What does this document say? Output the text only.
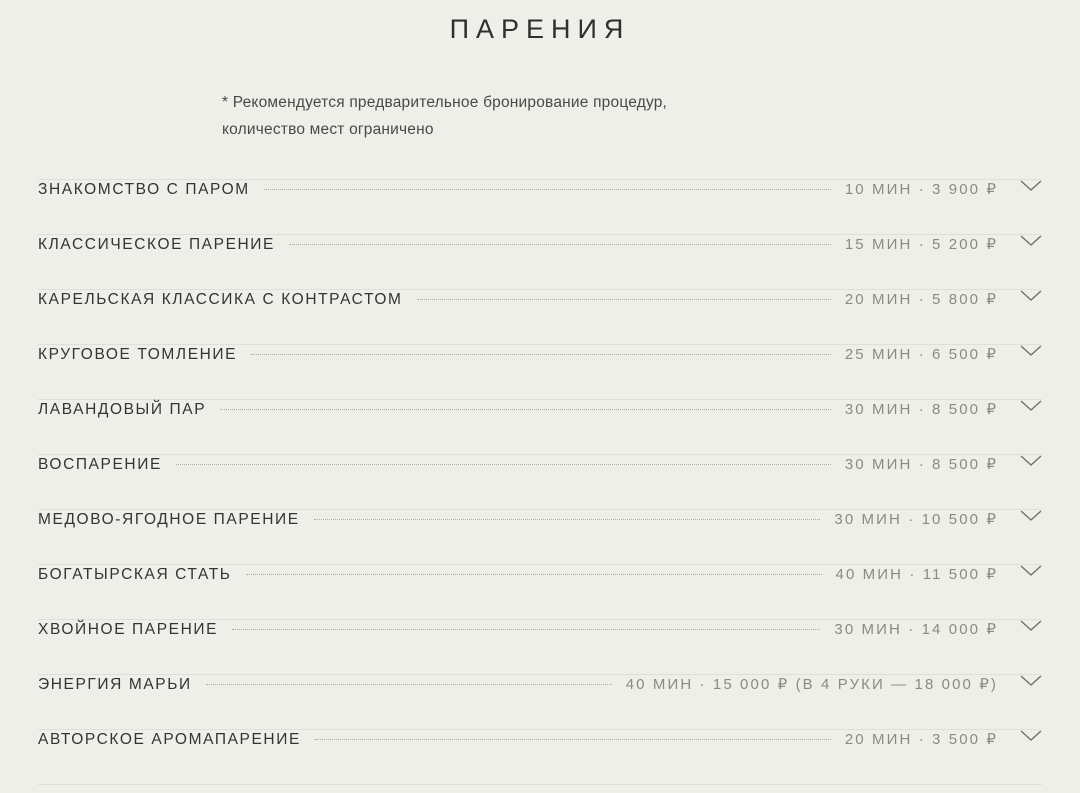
ПАРЕНИЯ
* Рекомендуется предварительное бронирование процедур,
количество мест ограничено
ЗНАКОМСТВО С ПАРОМ	10 МИН · 3 900 ₽
КЛАССИЧЕСКОЕ ПАРЕНИЕ	15 МИН · 5 200 ₽
КАРЕЛЬСКАЯ КЛАССИКА С КОНТРАСТОМ	20 МИН · 5 800 ₽
КРУГОВОЕ ТОМЛЕНИЕ	25 МИН · 6 500 ₽
ЛАВАНДОВЫЙ ПАР	30 МИН · 8 500 ₽
ВОСПАРЕНИЕ	30 МИН · 8 500 ₽
МЕДОВО-ЯГОДНОЕ ПАРЕНИЕ	30 МИН · 10 500 ₽
БОГАТЫРСКАЯ СТАТЬ	40 МИН · 11 500 ₽
ХВОЙНОЕ ПАРЕНИЕ	30 МИН · 14 000 ₽
ЭНЕРГИЯ МАРЬИ	40 МИН · 15 000 ₽ (В 4 РУКИ — 18 000 ₽)
АВТОРСКОЕ АРОМАПАРЕНИЕ	20 МИН · 3 500 ₽
